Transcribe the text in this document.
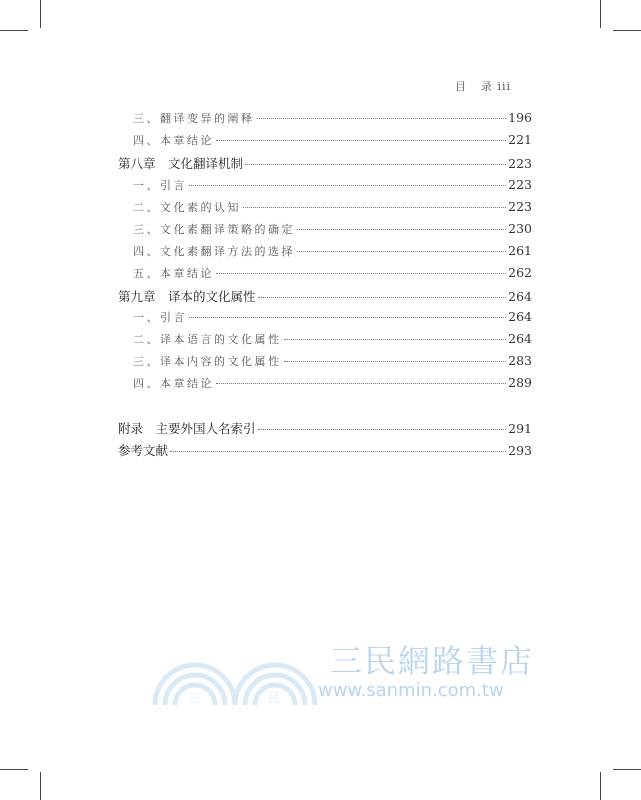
目 录 iii
三、翻译变异的阐释	196
四、本章结论	221
第八章　文化翻译机制	223
一、引言	223
二、文化素的认知	223
三、文化素翻译策略的确定	230
四、文化素翻译方法的选择	261
五、本章结论	262
第九章　译本的文化属性	264
一、引言	264
二、译本语言的文化属性	264
三、译本内容的文化属性	283
四、本章结论	289
附录　主要外国人名索引	291
参考文献	293
三	民
三民網路書店
www.sanmin.com.tw
